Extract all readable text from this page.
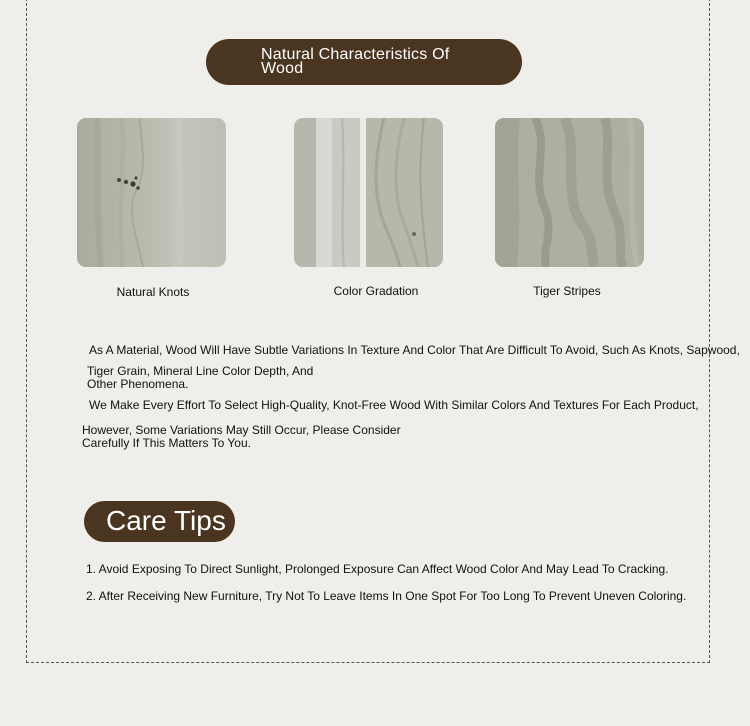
Natural Characteristics Of Wood
Natural Knots	Color Gradation	Tiger Stripes
As A Material, Wood Will Have Subtle Variations In Texture And Color That Are Difficult To Avoid, Such As Knots, Sapwood,
Tiger Grain, Mineral Line Color Depth, And
Other Phenomena.
We Make Every Effort To Select High-Quality, Knot-Free Wood With Similar Colors And Textures For Each Product,
However, Some Variations May Still Occur, Please Consider
Carefully If This Matters To You.
Care Tips
1. Avoid Exposing To Direct Sunlight, Prolonged Exposure Can Affect Wood Color And May Lead To Cracking.
2. After Receiving New Furniture, Try Not To Leave Items In One Spot For Too Long To Prevent Uneven Coloring.
